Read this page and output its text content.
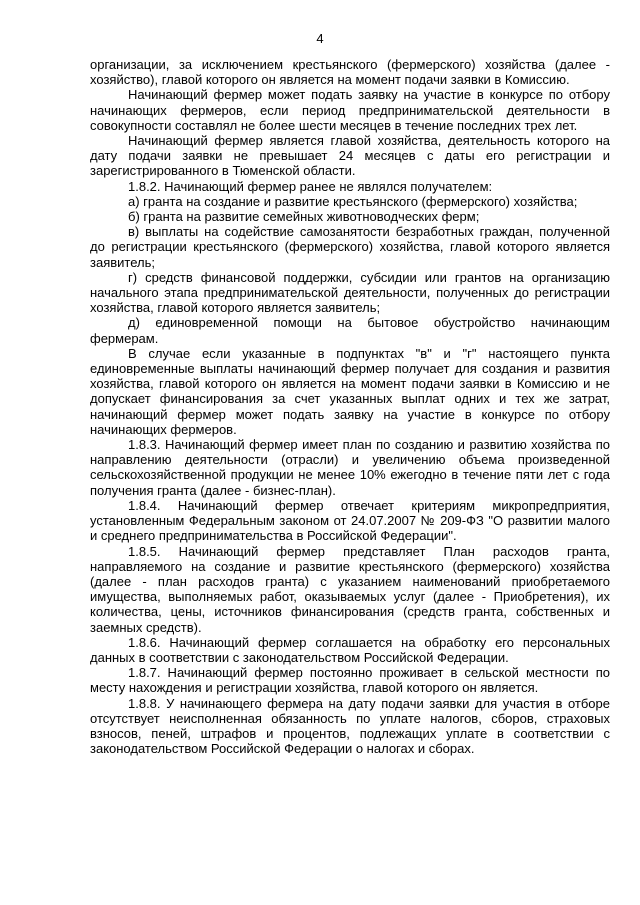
4

организации, за исключением крестьянского (фермерского) хозяйства (далее - хозяйство), главой которого он является на момент подачи заявки в Комиссию.

Начинающий фермер может подать заявку на участие в конкурсе по отбору начинающих фермеров, если период предпринимательской деятельности в совокупности составлял не более шести месяцев в течение последних трех лет.

Начинающий фермер является главой хозяйства, деятельность которого на дату подачи заявки не превышает 24 месяцев с даты его регистрации и зарегистрированного в Тюменской области.

1.8.2. Начинающий фермер ранее не являлся получателем:

а) гранта на создание и развитие крестьянского (фермерского) хозяйства;

б) гранта на развитие семейных животноводческих ферм;

в) выплаты на содействие самозанятости безработных граждан, полученной до регистрации крестьянского (фермерского) хозяйства, главой которого является заявитель;

г) средств финансовой поддержки, субсидии или грантов на организацию начального этапа предпринимательской деятельности, полученных до регистрации хозяйства, главой которого является заявитель;

д) единовременной помощи на бытовое обустройство начинающим фермерам.

В случае если указанные в подпунктах "в" и "г" настоящего пункта единовременные выплаты начинающий фермер получает для создания и развития хозяйства, главой которого он является на момент подачи заявки в Комиссию и не допускает финансирования за счет указанных выплат одних и тех же затрат, начинающий фермер может подать заявку на участие в конкурсе по отбору начинающих фермеров.

1.8.3. Начинающий фермер имеет план по созданию и развитию хозяйства по направлению деятельности (отрасли) и увеличению объема произведенной сельскохозяйственной продукции не менее 10% ежегодно в течение пяти лет с года получения гранта (далее - бизнес-план).

1.8.4. Начинающий фермер отвечает критериям микропредприятия, установленным Федеральным законом от 24.07.2007 № 209-ФЗ "О развитии малого и среднего предпринимательства в Российской Федерации".

1.8.5. Начинающий фермер представляет План расходов гранта, направляемого на создание и развитие крестьянского (фермерского) хозяйства (далее - план расходов гранта) с указанием наименований приобретаемого имущества, выполняемых работ, оказываемых услуг (далее - Приобретения), их количества, цены, источников финансирования (средств гранта, собственных и заемных средств).

1.8.6. Начинающий фермер соглашается на обработку его персональных данных в соответствии с законодательством Российской Федерации.

1.8.7. Начинающий фермер постоянно проживает в сельской местности по месту нахождения и регистрации хозяйства, главой которого он является.

1.8.8. У начинающего фермера на дату подачи заявки для участия в отборе отсутствует неисполненная обязанность по уплате налогов, сборов, страховых взносов, пеней, штрафов и процентов, подлежащих уплате в соответствии с законодательством Российской Федерации о налогах и сборах.
